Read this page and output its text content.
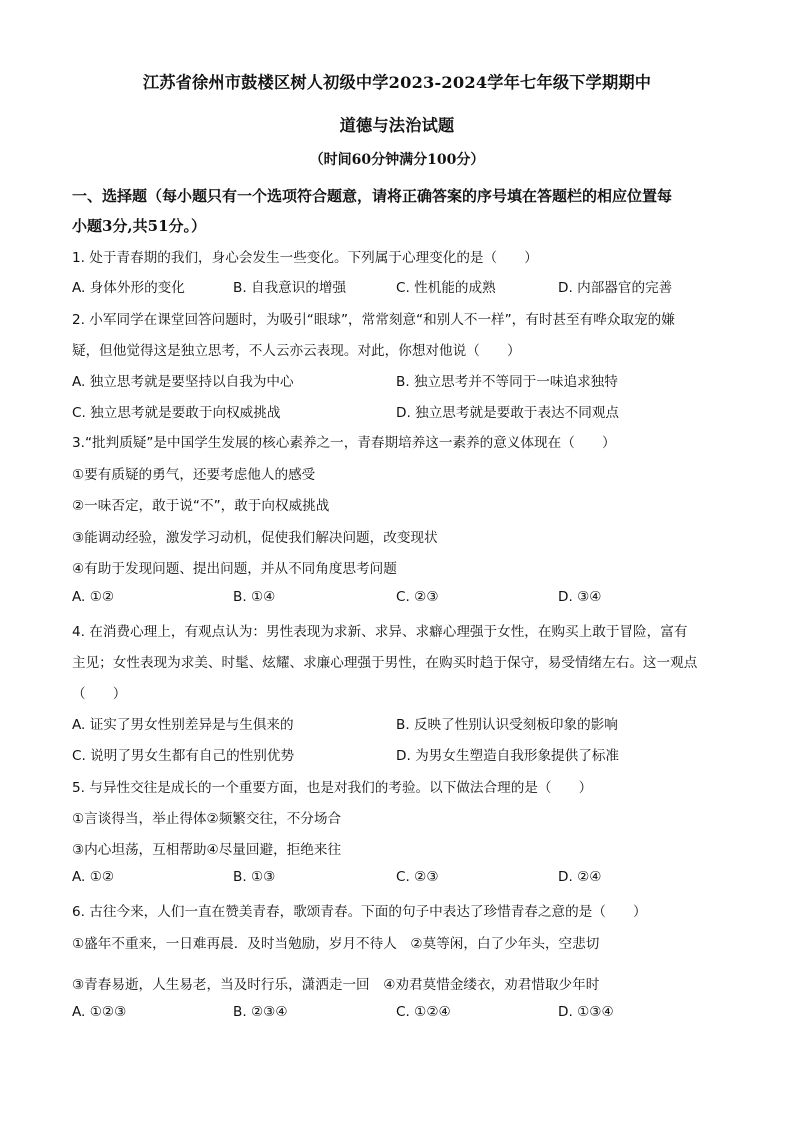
江苏省徐州市鼓楼区树人初级中学2023-2024学年七年级下学期期中
道德与法治试题
（时间60分钟满分100分）
一、选择题（每小题只有一个选项符合题意，请将正确答案的序号填在答题栏的相应位置每
小题3分,共51分。）
1. 处于青春期的我们，身心会发生一些变化。下列属于心理变化的是（　　）
A. 身体外形的变化	B. 自我意识的增强	C. 性机能的成熟	D. 内部器官的完善
2. 小军同学在课堂回答问题时，为吸引“眼球”，常常刻意“和别人不一样”，有时甚至有哗众取宠的嫌
疑，但他觉得这是独立思考，不人云亦云表现。对此，你想对他说（　　）
A. 独立思考就是要坚持以自我为中心	B. 独立思考并不等同于一味追求独特
C. 独立思考就是要敢于向权威挑战	D. 独立思考就是要敢于表达不同观点
3.“批判质疑”是中国学生发展的核心素养之一，青春期培养这一素养的意义体现在（　　）
①要有质疑的勇气，还要考虑他人的感受
②一味否定，敢于说“不”，敢于向权威挑战
③能调动经验，激发学习动机，促使我们解决问题，改变现状
④有助于发现问题、提出问题，并从不同角度思考问题
A. ①②	B. ①④	C. ②③	D. ③④
4. 在消费心理上，有观点认为：男性表现为求新、求异、求癖心理强于女性，在购买上敢于冒险，富有
主见；女性表现为求美、时髦、炫耀、求廉心理强于男性，在购买时趋于保守，易受情绪左右。这一观点
（　　）
A. 证实了男女性别差异是与生俱来的	B. 反映了性别认识受刻板印象的影响
C. 说明了男女生都有自己的性别优势	D. 为男女生塑造自我形象提供了标准
5. 与异性交往是成长的一个重要方面，也是对我们的考验。以下做法合理的是（　　）
①言谈得当，举止得体②频繁交往，不分场合
③内心坦荡，互相帮助④尽量回避，拒绝来往
A. ①②	B. ①③	C. ②③	D. ②④
6. 古往今来，人们一直在赞美青春，歌颂青春。下面的句子中表达了珍惜青春之意的是（　　）
①盛年不重来，一日难再晨．及时当勉励，岁月不待人　②莫等闲，白了少年头，空悲切
③青春易逝，人生易老，当及时行乐，潇洒走一回　④劝君莫惜金缕衣，劝君惜取少年时
A. ①②③	B. ②③④	C. ①②④	D. ①③④
